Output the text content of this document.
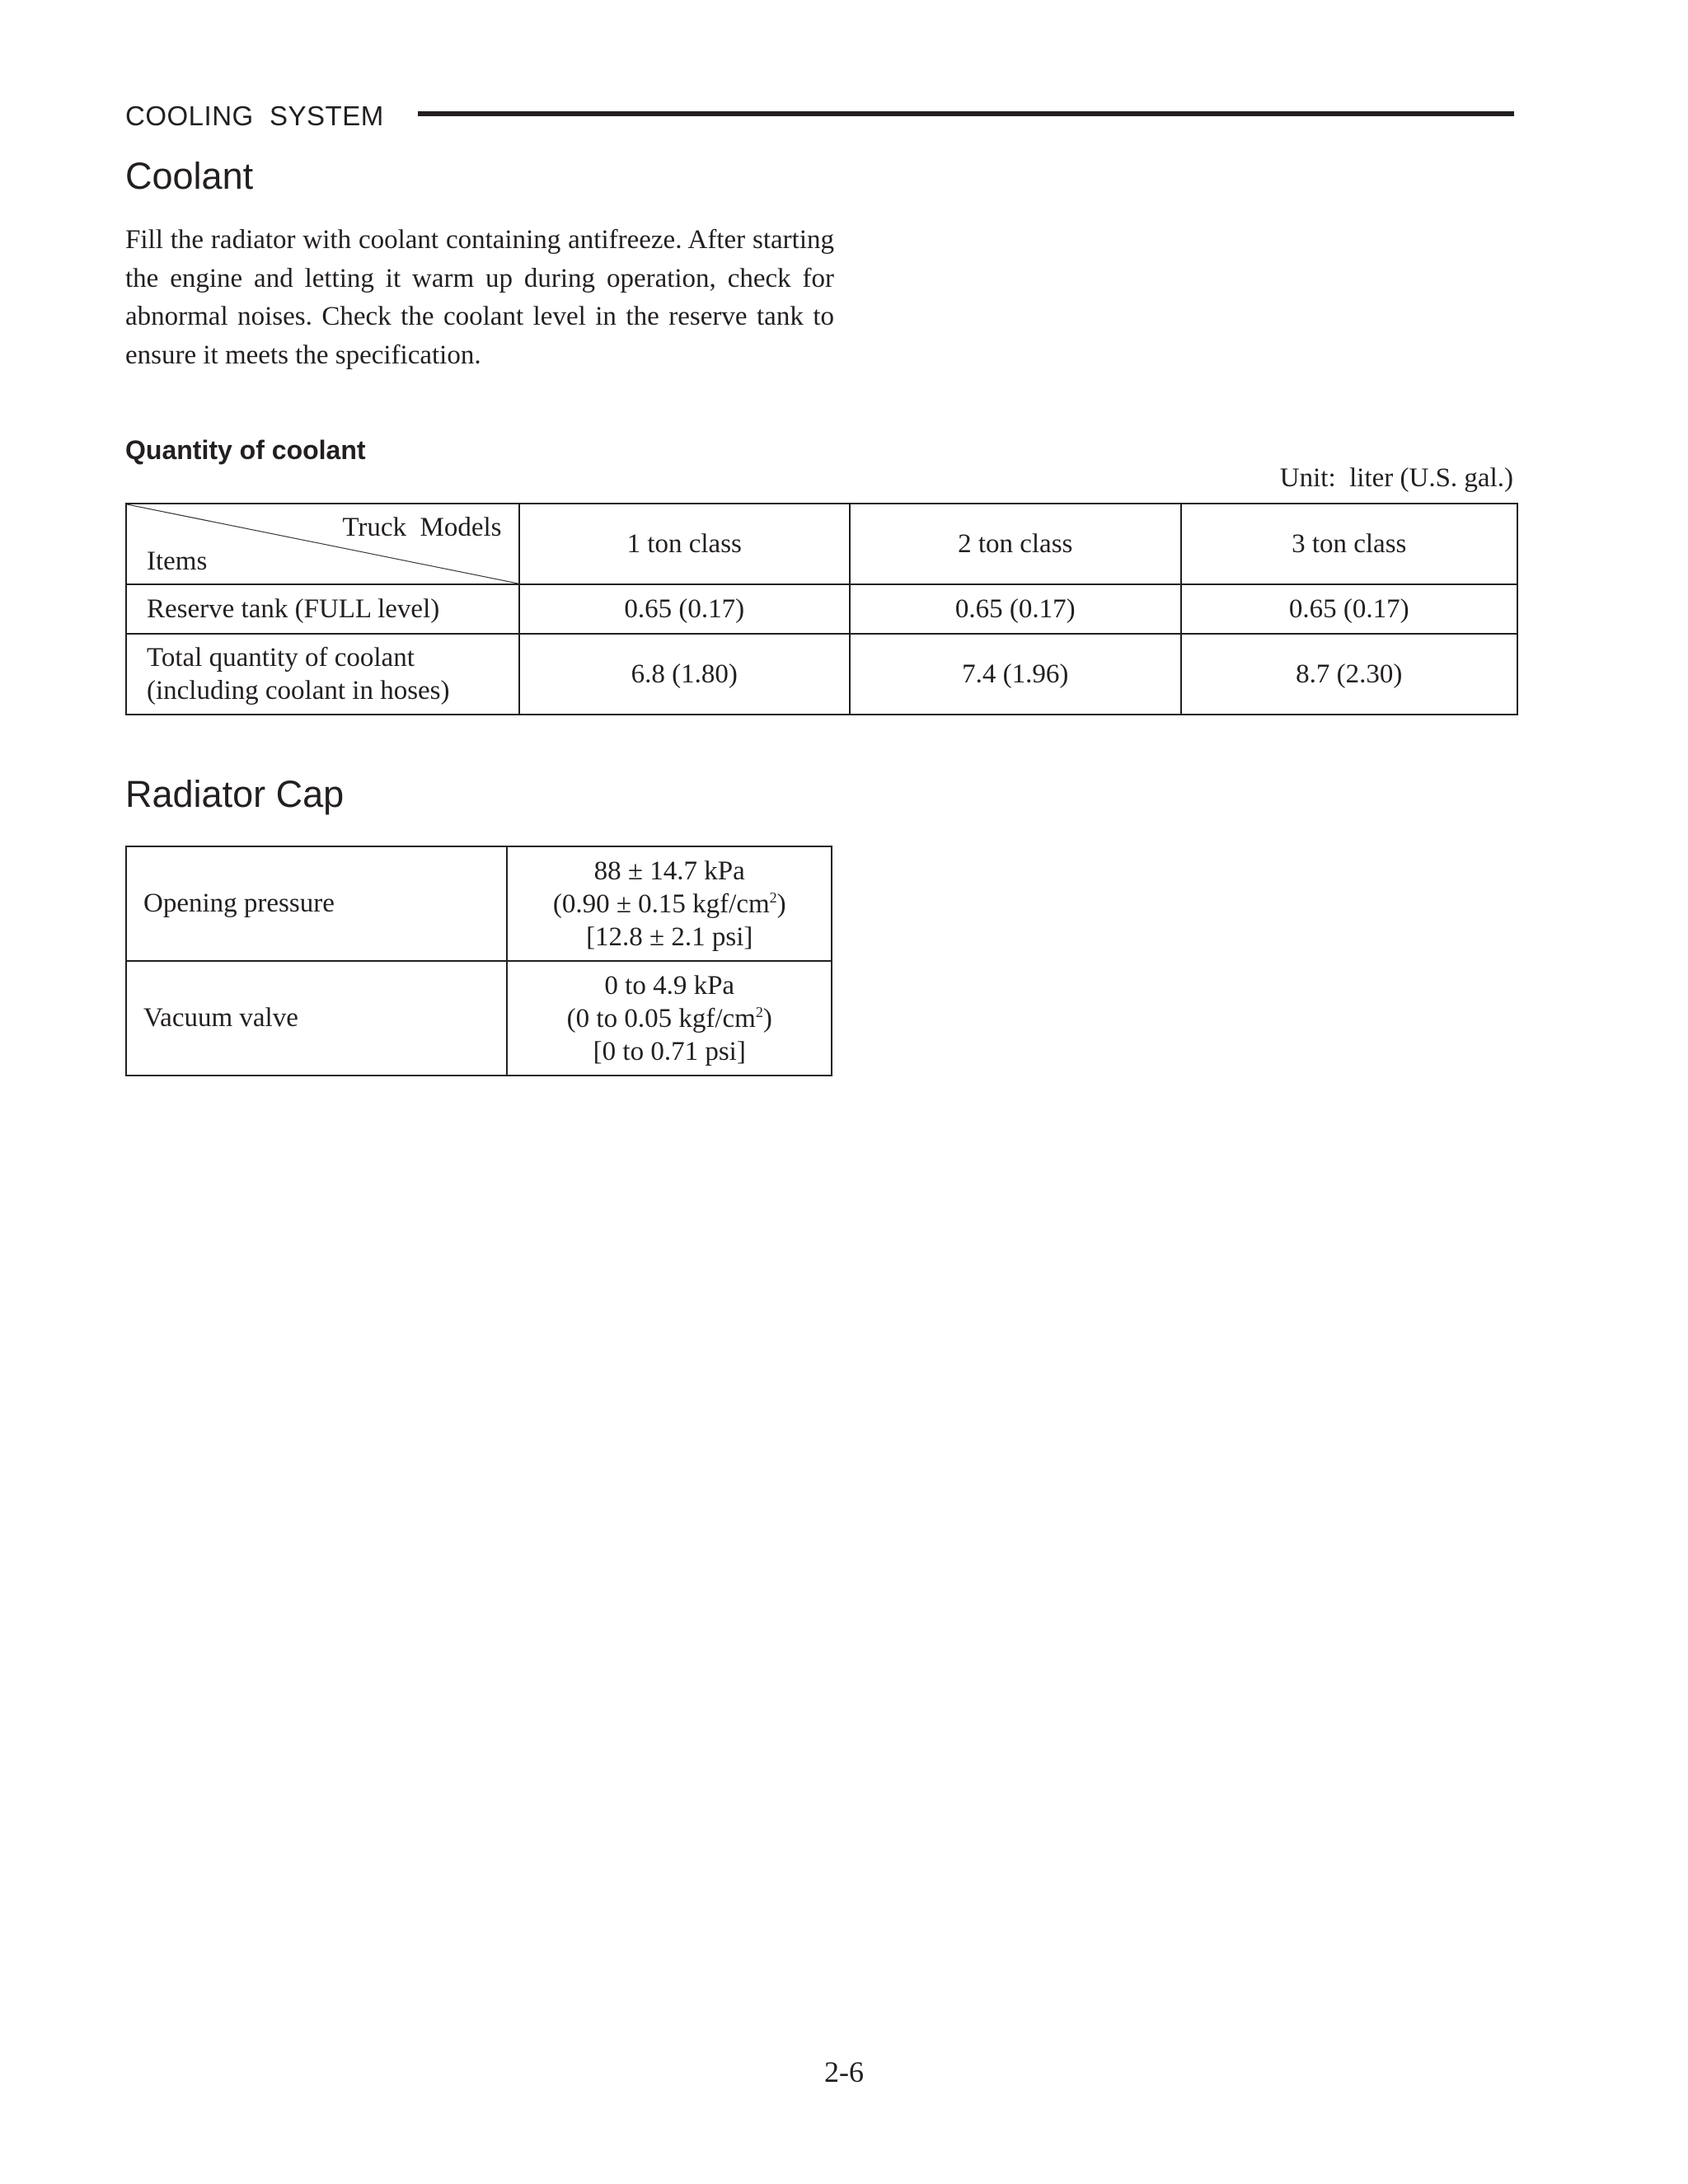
COOLING  SYSTEM
Coolant

Fill the radiator with coolant containing antifreeze. After starting the engine and letting it warm up during operation, check for abnormal noises. Check the coolant level in the reserve tank to ensure it meets the specification.

Quantity of coolant
Unit:  liter (U.S. gal.)
Truck  Models
Items	1 ton class	2 ton class	3 ton class
Reserve tank (FULL level)	0.65 (0.17)	0.65 (0.17)	0.65 (0.17)

Total quantity of coolant
(including coolant in hoses)	6.8 (1.80)	7.4 (1.96)	8.7 (2.30)
Radiator Cap
Opening pressure	88 ± 14.7 kPa
(0.90 ± 0.15 kgf/$cm^2$)
[12.8 ± 2.1 psi]

Vacuum valve	0 to 4.9 kPa
(0 to 0.05 kgf/$cm^2$)
[0 to 0.71 psi]
2-6
